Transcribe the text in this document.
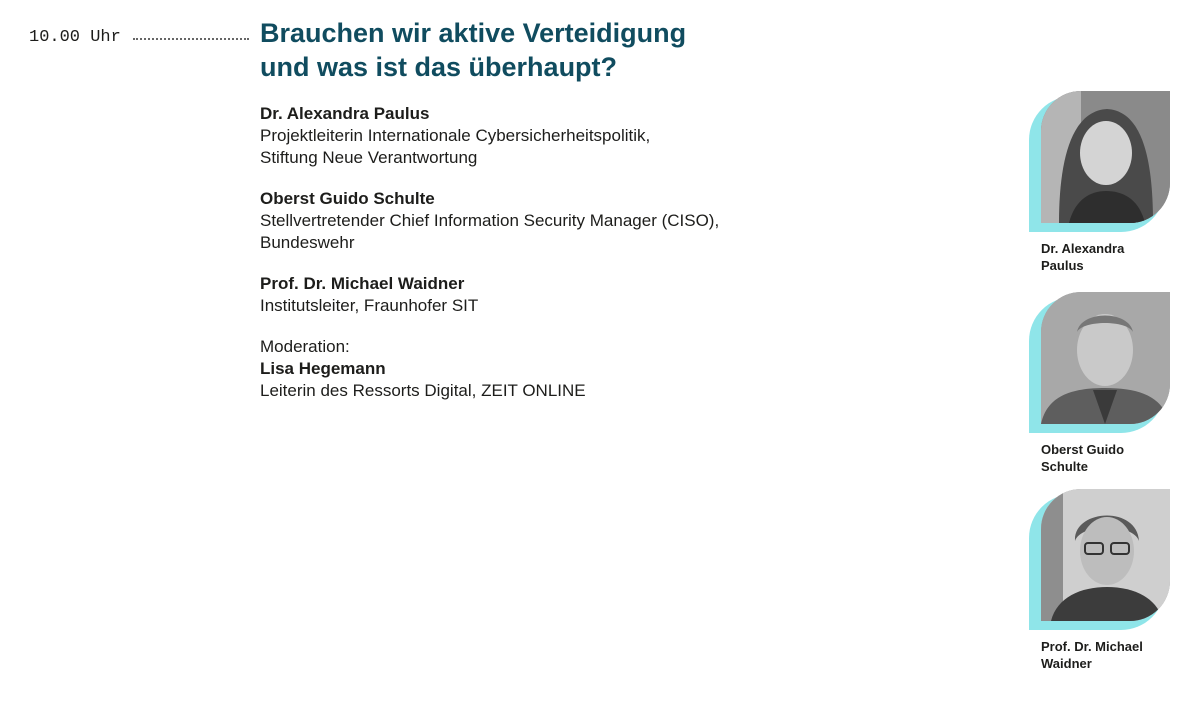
10.00 Uhr	Brauchen wir aktive Verteidigung
und was ist das überhaupt?
Dr. Alexandra Paulus
Projektleiterin Internationale Cybersicherheitspolitik,
Stiftung Neue Verantwortung
Oberst Guido Schulte
Stellvertretender Chief Information Security Manager (CISO),
Bundeswehr
Prof. Dr. Michael Waidner
Institutsleiter, Fraunhofer SIT
Moderation:
Lisa Hegemann
Leiterin des Ressorts Digital, ZEIT ONLINE
Dr. Alexandra
Paulus
Oberst Guido
Schulte
Prof. Dr. Michael
Waidner
